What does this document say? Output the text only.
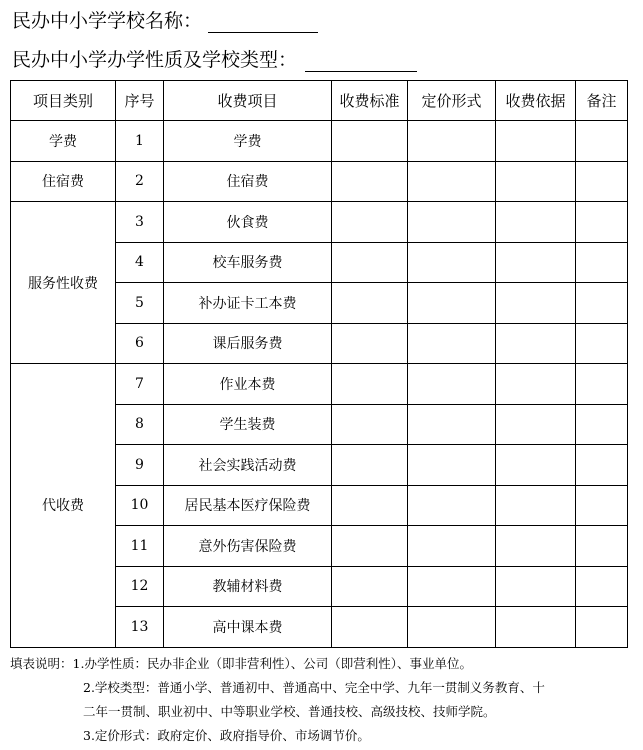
民办中小学学校名称：
民办中小学办学性质及学校类型：
项目类别	序号	收费项目	收费标准	定价形式	收费依据	备注
学费	1	学费				
住宿费	2	住宿费				
服务性收费	3	伙食费				
	4	校车服务费				
	5	补办证卡工本费				
	6	课后服务费				
代收费	7	作业本费				
	8	学生装费				
	9	社会实践活动费				
	10	居民基本医疗保险费				
	11	意外伤害保险费				
	12	教辅材料费				
	13	高中课本费				
填表说明：1.办学性质：民办非企业（即非营利性）、公司（即营利性）、事业单位。
2.学校类型：普通小学、普通初中、普通高中、完全中学、九年一贯制义务教育、十
二年一贯制、职业初中、中等职业学校、普通技校、高级技校、技师学院。
3.定价形式：政府定价、政府指导价、市场调节价。
